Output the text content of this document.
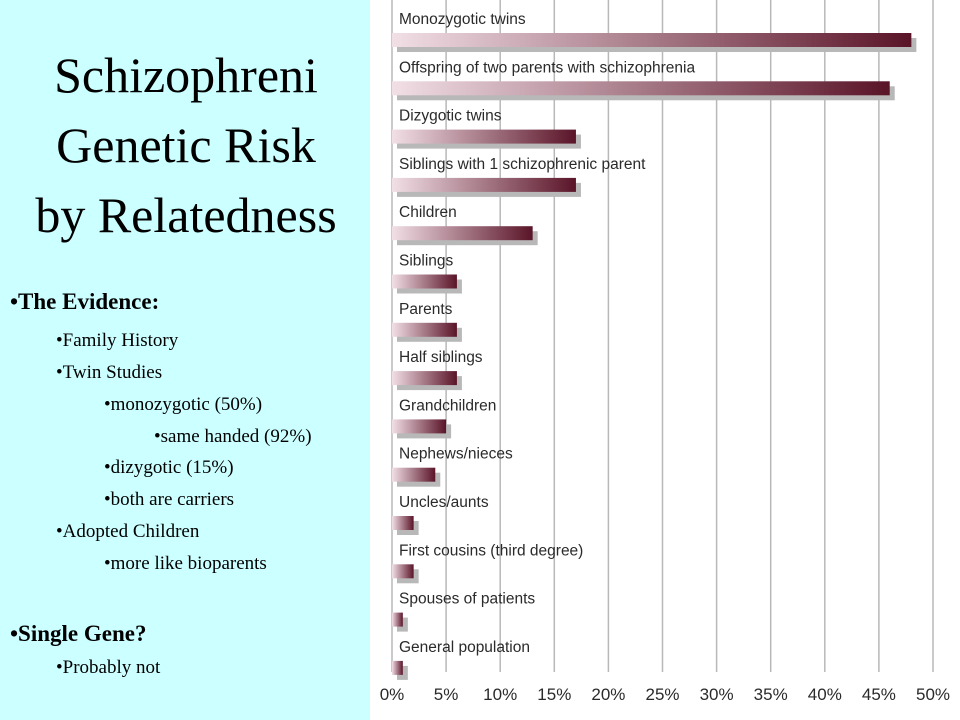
Schizophreni
Genetic Risk
by Relatedness
•The Evidence:
•Family History
•Twin Studies
•monozygotic (50%)
•same handed (92%)
•dizygotic (15%)
•both are carriers
•Adopted Children
•more like bioparents
•Single Gene?
•Probably not
Monozygotic twins
Offspring of two parents with schizophrenia
Dizygotic twins
Siblings with 1 schizophrenic parent
Children
Siblings
Parents
Half siblings
Grandchildren
Nephews/nieces
Uncles/aunts
First cousins (third degree)
Spouses of patients
General population
0% 5% 10% 15% 20% 25% 30% 35% 40% 45% 50%
